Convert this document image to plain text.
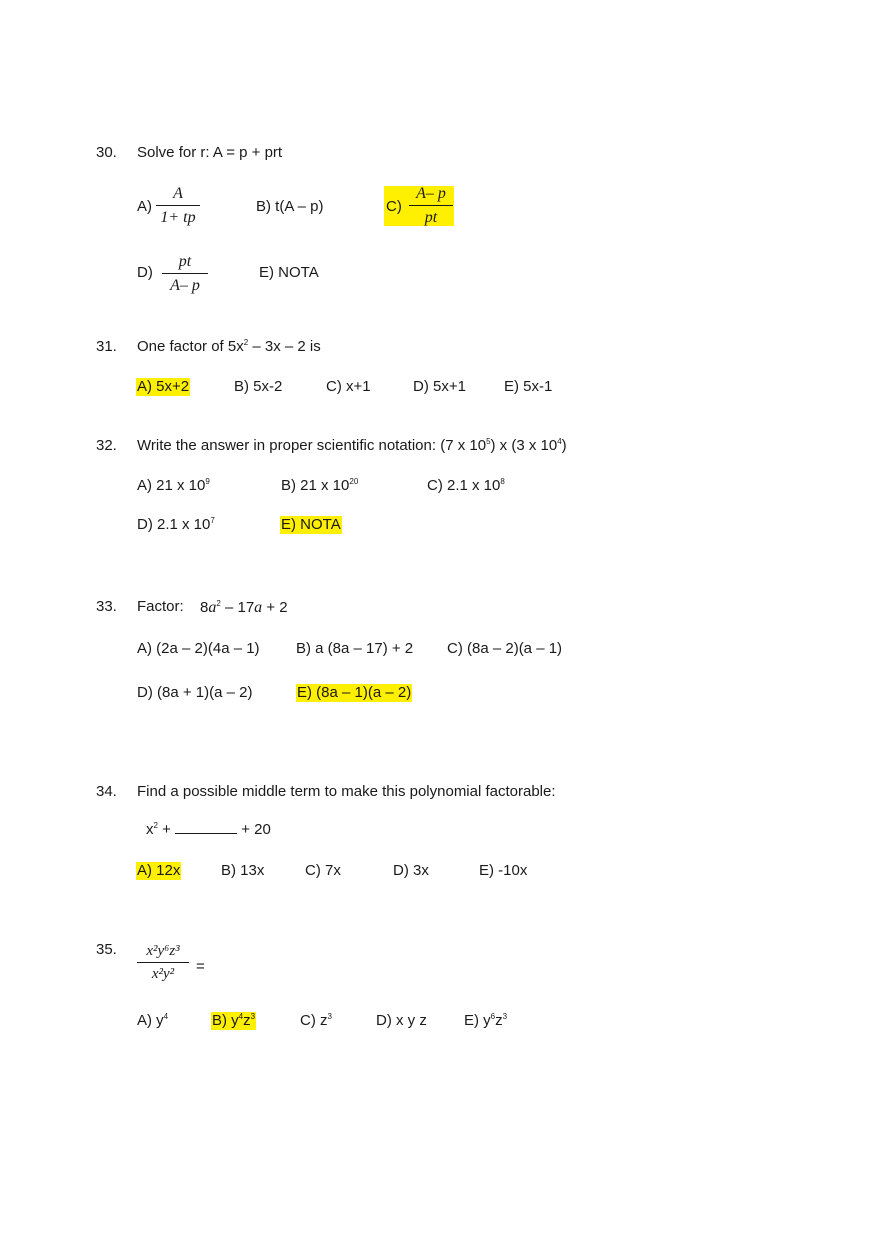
30. Solve for r: A = p + prt
A)
A
1+ tp
B) t(A – p)	C)
A– p
pt
D)
pt
A– p
E) NOTA
31. One factor of $5x^2 - 3x - 2$ is
A) 5x+2	B) 5x-2	C) x+1	D) 5x+1	E) 5x-1
32. Write the answer in proper scientific notation: (7 x $10^5$) x (3 x $10^4$)
A) 21 x $10^9$	B) 21 x $10^{20}$	C) 2.1 x $10^8$
D) 2.1 x $10^7$	E) NOTA
33. Factor: $8a^2 - 17a + 2$
A) (2a – 2)(4a – 1) B) a (8a – 17) + 2 C) (8a – 2)(a – 1)
D) (8a + 1)(a – 2)	E) (8a – 1)(a – 2)
34. Find a possible middle term to make this polynomial factorable:
$x^2$ +	+ 20
A) 12x	B) 13x	C) 7x	D) 3x	E) -10x
35.	x²y⁶z³
x²y²	=
A) $y^4$	B) $y^4z^3$	C) $z^3$	D) x y z E) $y^6z^3$
